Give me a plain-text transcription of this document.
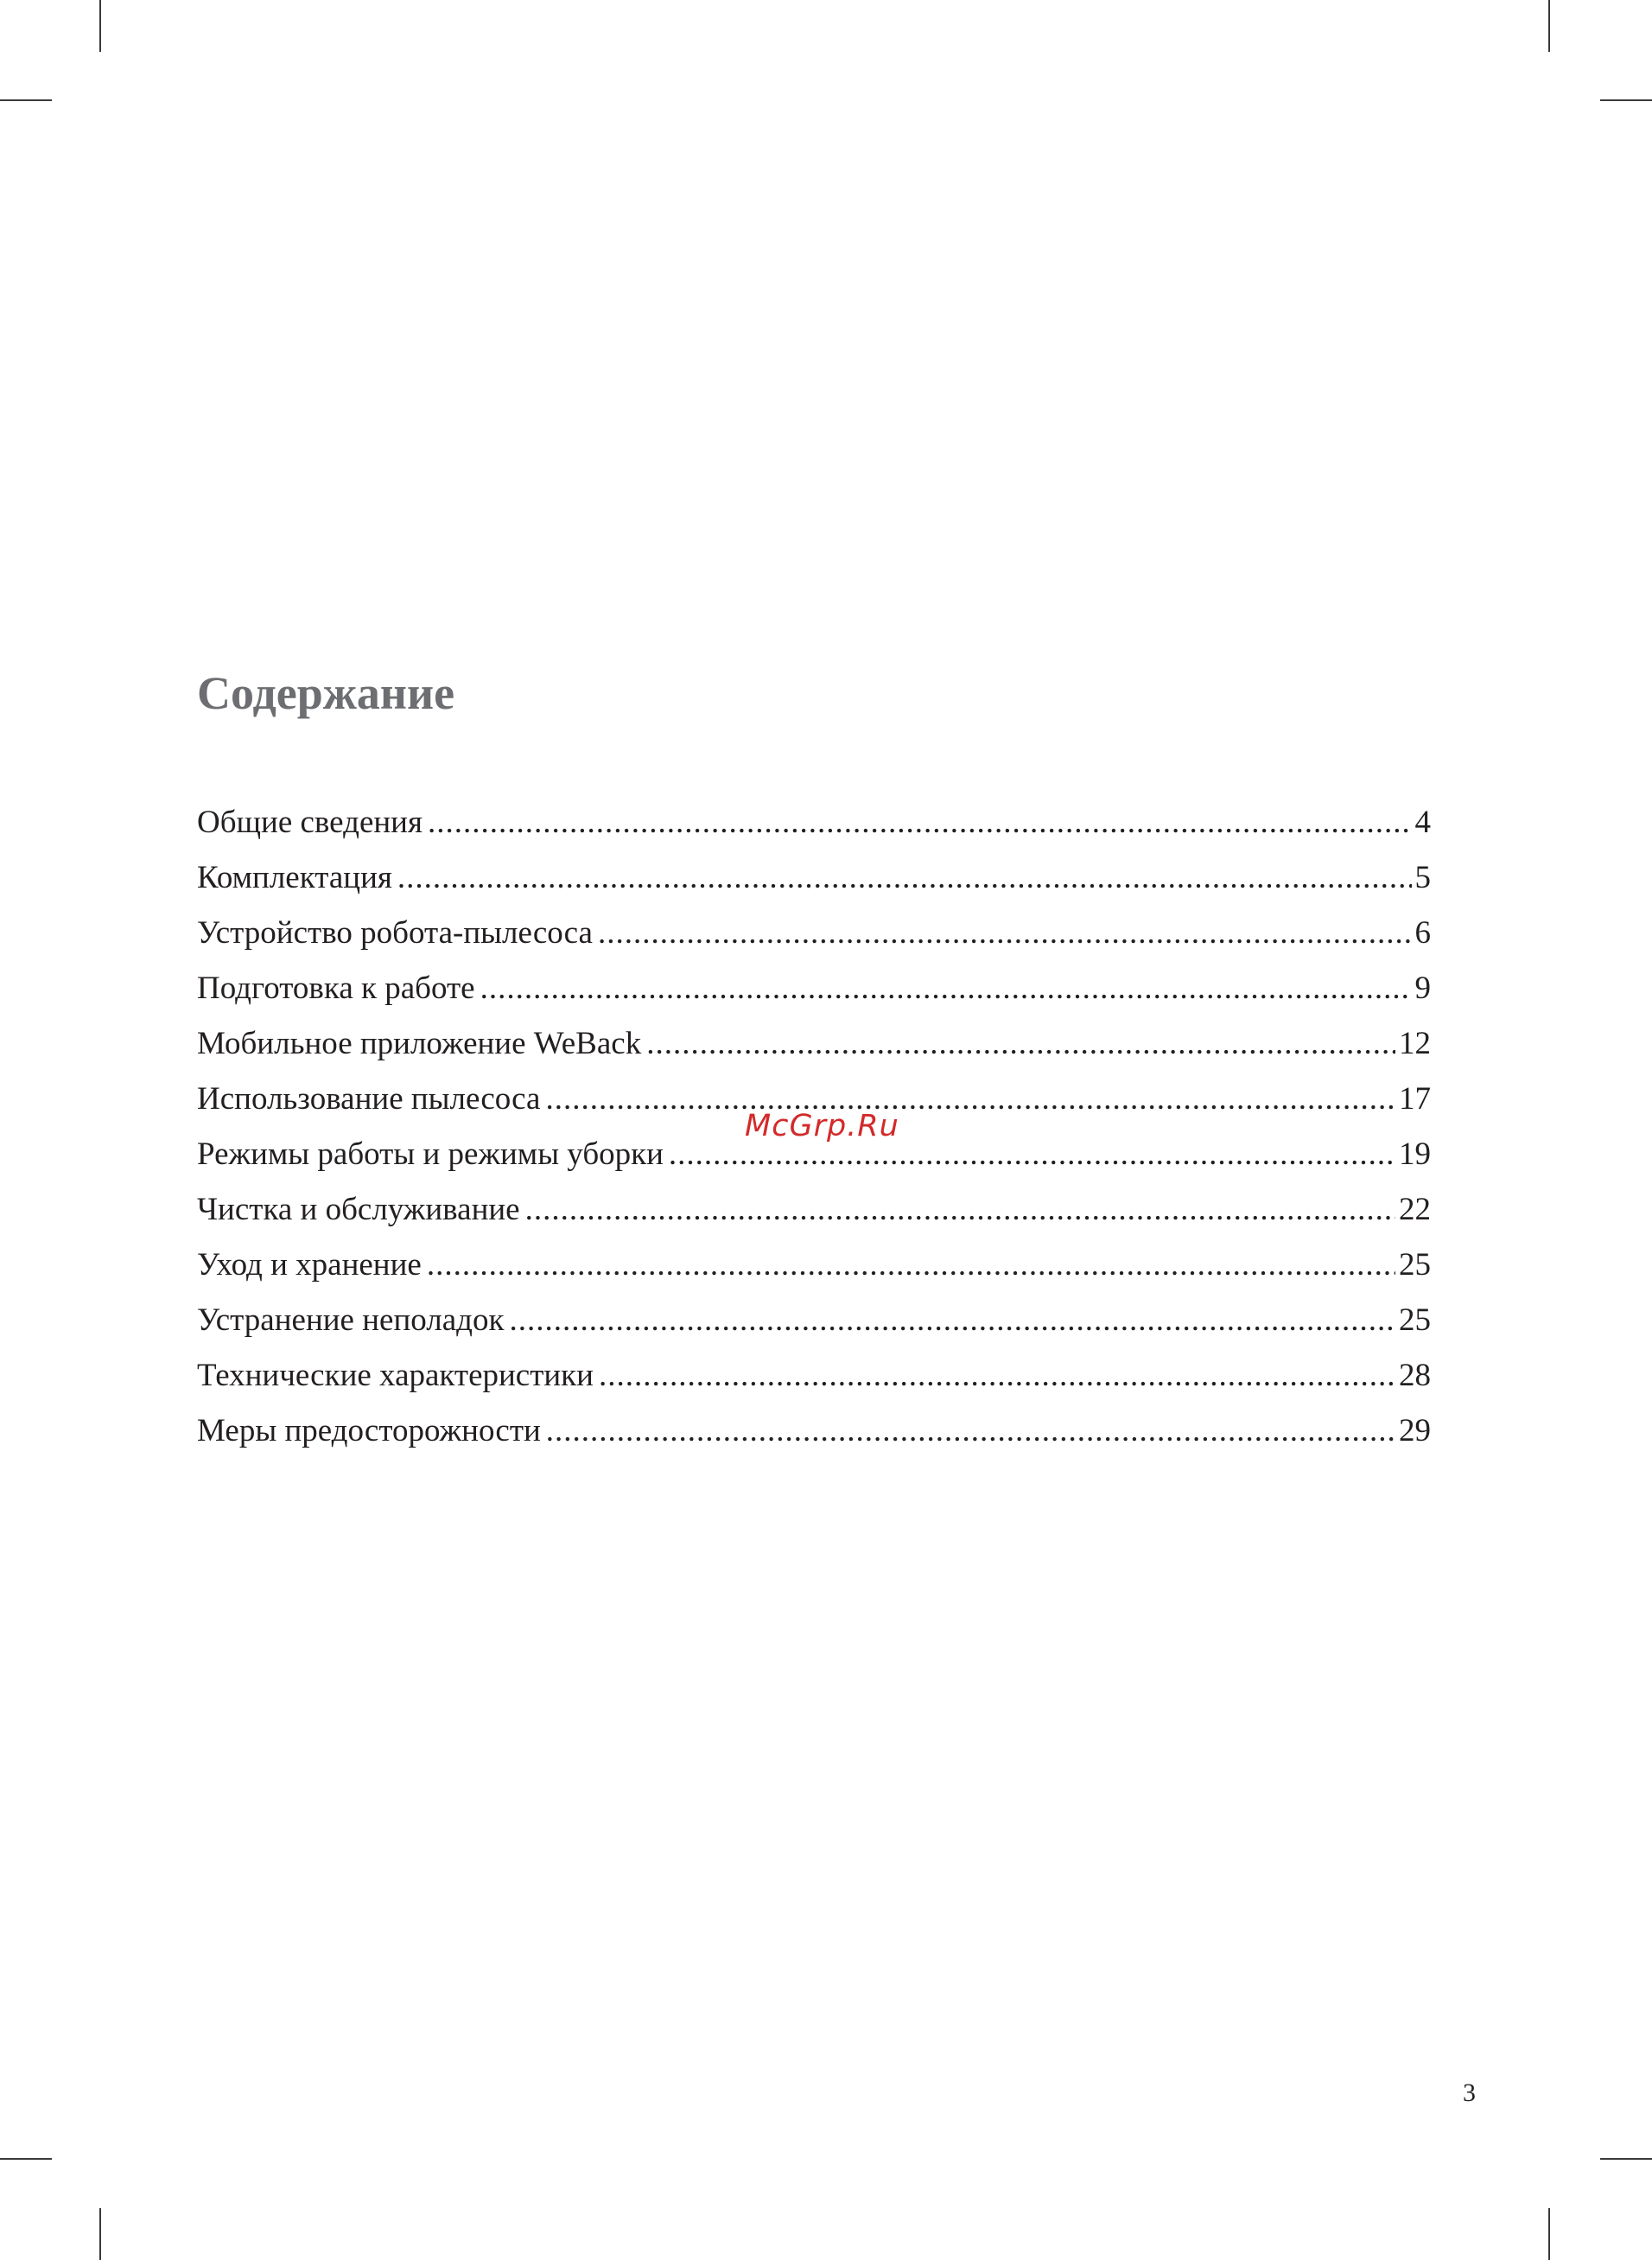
Содержание
Общие сведения .....	4
Комплектация .....	5
Устройство робота-пылесоса .....	6
Подготовка к работе .....	9
Мобильное приложение WeBack .....	12
Использование пылесоса .....	17
Режимы работы и режимы уборки .....	19
Чистка и обслуживание .....	22
Уход и хранение .....	25
Устранение неполадок .....	25
Технические характеристики .....	28
Меры предосторожности .....	29
McGrp.Ru
3
